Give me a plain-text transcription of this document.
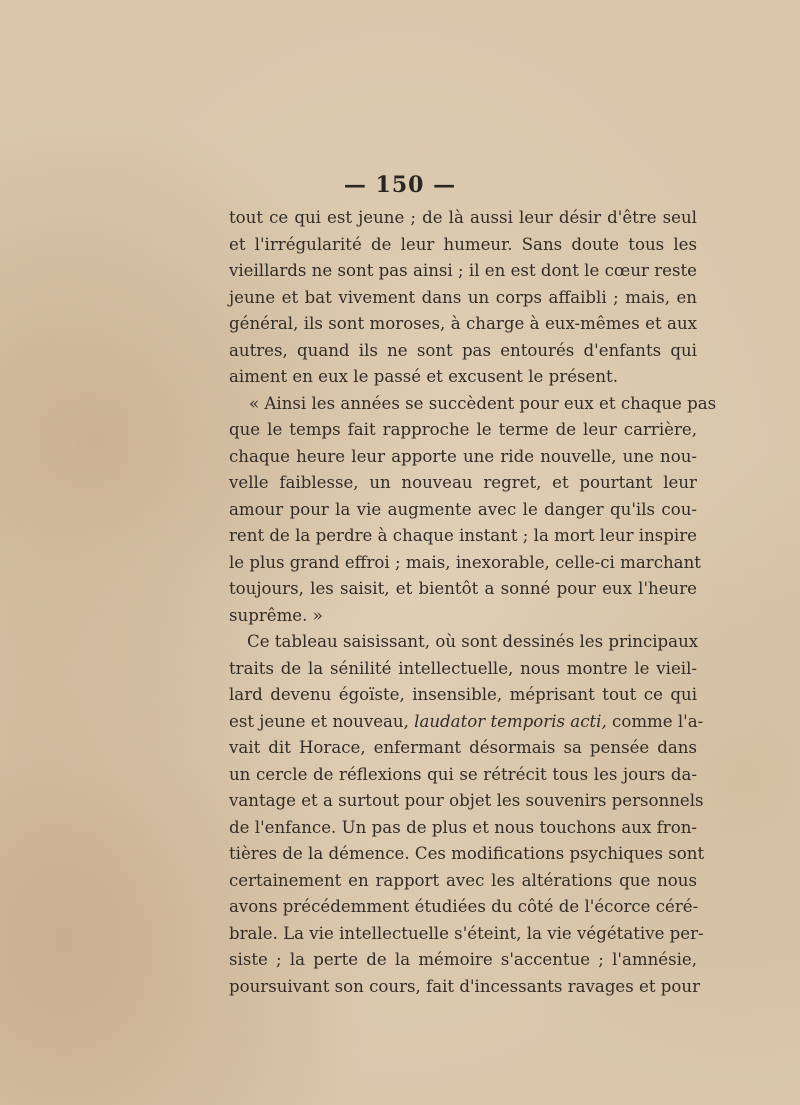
— 150 —
tout ce qui est jeune ; de là aussi leur désir d'être seul
et l'irrégularité de leur humeur. Sans doute tous les
vieillards ne sont pas ainsi ; il en est dont le cœur reste
jeune et bat vivement dans un corps affaibli ; mais, en
général, ils sont moroses, à charge à eux-mêmes et aux
autres, quand ils ne sont pas entourés d'enfants qui
aiment en eux le passé et excusent le présent.
« Ainsi les années se succèdent pour eux et chaque pas
que le temps fait rapproche le terme de leur carrière,
chaque heure leur apporte une ride nouvelle, une nou-
velle faiblesse, un nouveau regret, et pourtant leur
amour pour la vie augmente avec le danger qu'ils cou-
rent de la perdre à chaque instant ; la mort leur inspire
le plus grand effroi ; mais, inexorable, celle-ci marchant
toujours, les saisit, et bientôt a sonné pour eux l'heure
suprême. »
Ce tableau saisissant, où sont dessinés les principaux
traits de la sénilité intellectuelle, nous montre le vieil-
lard devenu égoïste, insensible, méprisant tout ce qui
est jeune et nouveau, laudator temporis acti, comme l'a-
vait dit Horace, enfermant désormais sa pensée dans
un cercle de réflexions qui se rétrécit tous les jours da-
vantage et a surtout pour objet les souvenirs personnels
de l'enfance. Un pas de plus et nous touchons aux fron-
tières de la démence. Ces modifications psychiques sont
certainement en rapport avec les altérations que nous
avons précédemment étudiées du côté de l'écorce céré-
brale. La vie intellectuelle s'éteint, la vie végétative per-
siste ; la perte de la mémoire s'accentue ; l'amnésie,
poursuivant son cours, fait d'incessants ravages et pour
